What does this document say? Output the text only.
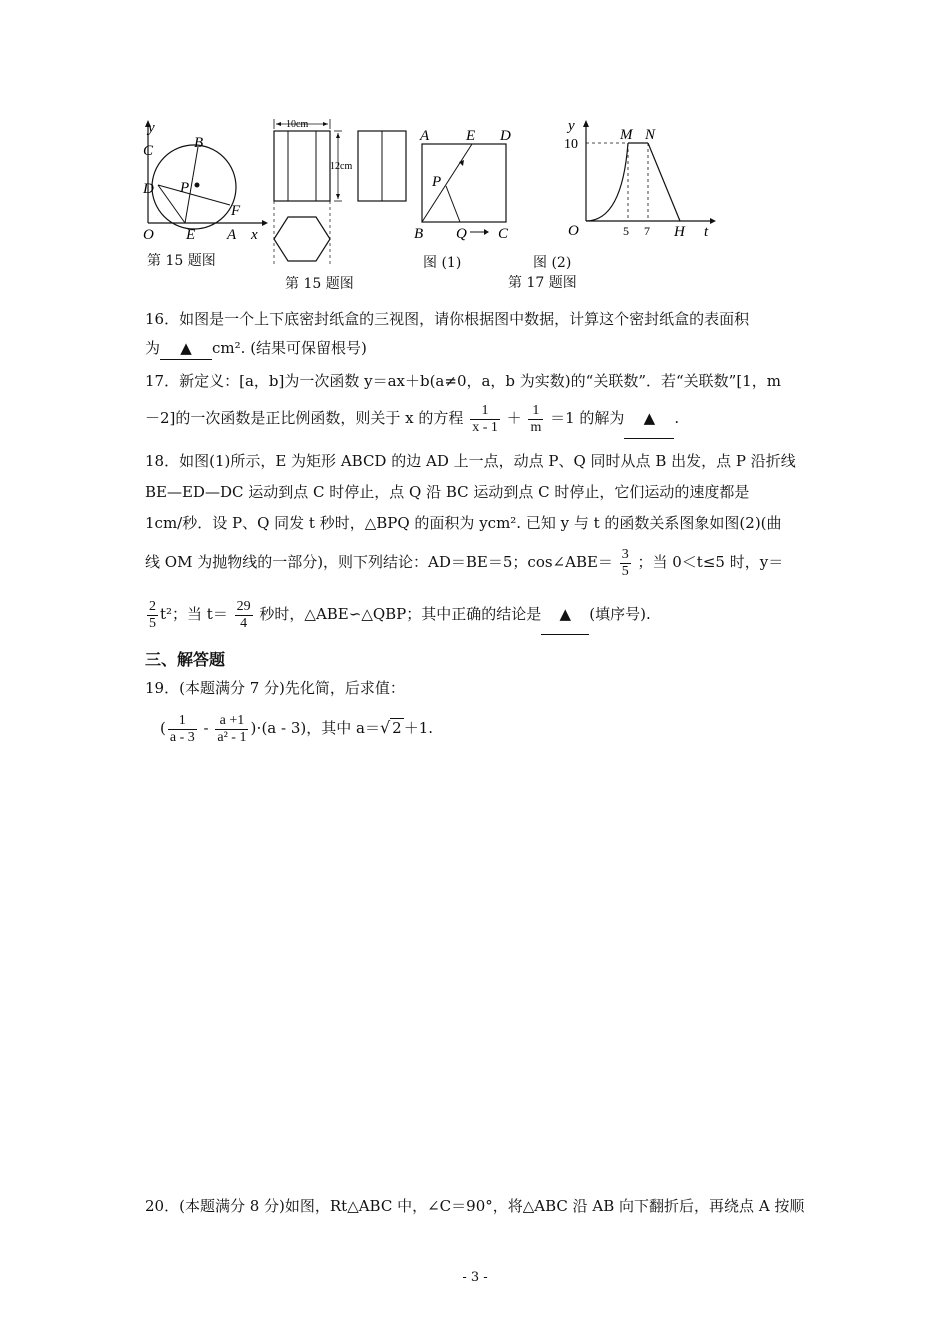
y
C	B
D P
F
O E A x
第 15 题图
10cm
12cm
第 15 题图
A E D
P
B Q C
图 (1)
y
M N
10
O	5 7 H t
图 (2)
第 17 题图
16．如图是一个上下底密封纸盒的三视图，请你根据图中数据，计算这个密封纸盒的表面积
为 ▲ cm². (结果可保留根号)
17．新定义：[a，b]为一次函数 y＝ax＋b(a≠0，a，b 为实数)的“关联数”．若“关联数”[1，m
－2]的一次函数是正比例函数，则关于 x 的方程 $\frac{1}{x - 1} + \frac{1}{m} =1$ 的解为 ▲ .
18．如图(1)所示，E 为矩形 ABCD 的边 AD 上一点，动点 P、Q 同时从点 B 出发，点 P 沿折线
BE—ED—DC 运动到点 C 时停止，点 Q 沿 BC 运动到点 C 时停止，它们运动的速度都是
1cm/秒．设 P、Q 同发 t 秒时，△BPQ 的面积为 ycm². 已知 y 与 t 的函数关系图象如图(2)(曲
线 OM 为抛物线的一部分)，则下列结论：AD＝BE＝5；cos∠ABE＝ $\frac{3}{5}$ ；当 0＜t≤5 时，y＝
$\frac{2}{5} t^2$；当 $t= \frac{29}{4}$ 秒时，△ABE∽△QBP；其中正确的结论是 ▲ (填序号).
三、解答题
19．(本题满分 7 分)先化简，后求值：
( $\frac{1}{a - 3} - \frac{a +1}{\text{a² - 1}} )\cdot(a - 3)$，其中 a＝√ 2 ＋1.
20．(本题满分 8 分)如图，Rt△ABC 中，∠C＝90°，将△ABC 沿 AB 向下翻折后，再绕点 A 按顺
- 3 -
